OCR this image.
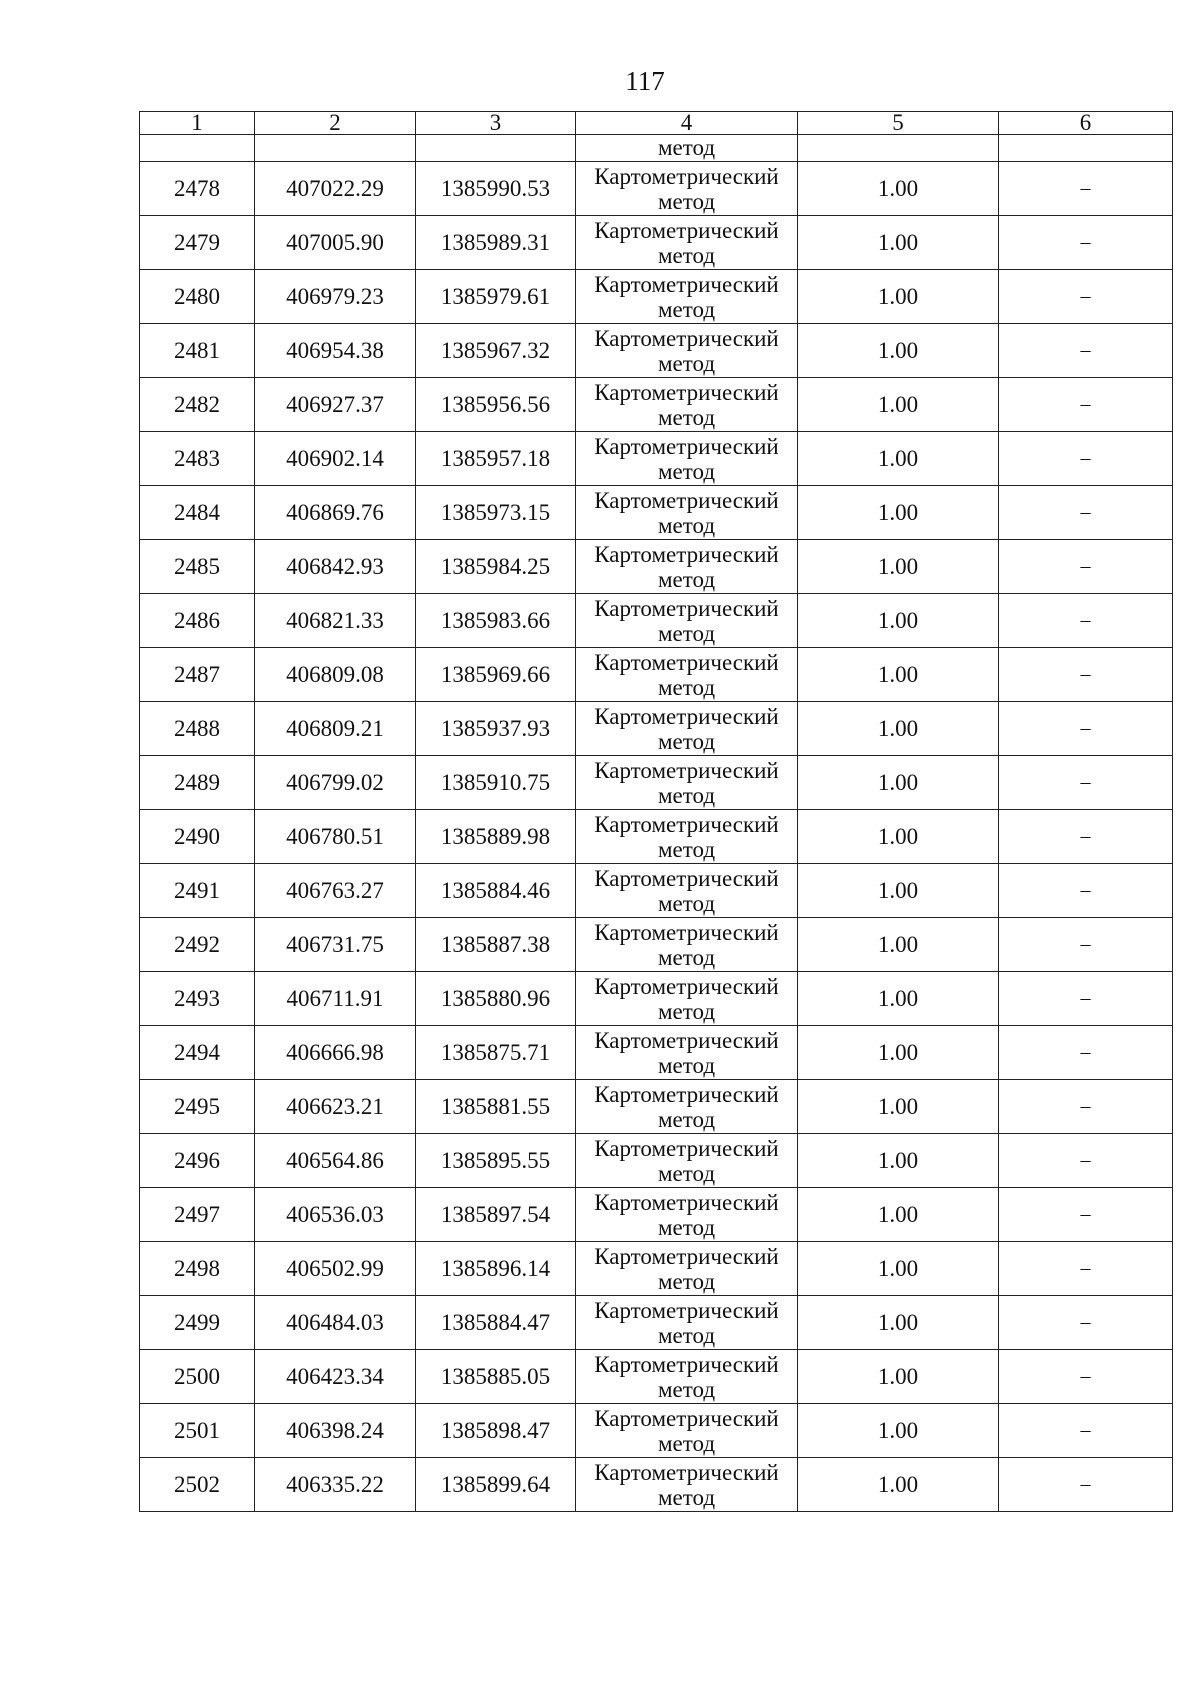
117
1	2	3	4	5	6
			метод		
2478	407022.29	1385990.53	Картометрический метод	1.00	–
2479	407005.90	1385989.31	Картометрический метод	1.00	–
2480	406979.23	1385979.61	Картометрический метод	1.00	–
2481	406954.38	1385967.32	Картометрический метод	1.00	–
2482	406927.37	1385956.56	Картометрический метод	1.00	–
2483	406902.14	1385957.18	Картометрический метод	1.00	–
2484	406869.76	1385973.15	Картометрический метод	1.00	–
2485	406842.93	1385984.25	Картометрический метод	1.00	–
2486	406821.33	1385983.66	Картометрический метод	1.00	–
2487	406809.08	1385969.66	Картометрический метод	1.00	–
2488	406809.21	1385937.93	Картометрический метод	1.00	–
2489	406799.02	1385910.75	Картометрический метод	1.00	–
2490	406780.51	1385889.98	Картометрический метод	1.00	–
2491	406763.27	1385884.46	Картометрический метод	1.00	–
2492	406731.75	1385887.38	Картометрический метод	1.00	–
2493	406711.91	1385880.96	Картометрический метод	1.00	–
2494	406666.98	1385875.71	Картометрический метод	1.00	–
2495	406623.21	1385881.55	Картометрический метод	1.00	–
2496	406564.86	1385895.55	Картометрический метод	1.00	–
2497	406536.03	1385897.54	Картометрический метод	1.00	–
2498	406502.99	1385896.14	Картометрический метод	1.00	–
2499	406484.03	1385884.47	Картометрический метод	1.00	–
2500	406423.34	1385885.05	Картометрический метод	1.00	–
2501	406398.24	1385898.47	Картометрический метод	1.00	–
2502	406335.22	1385899.64	Картометрический метод	1.00	–
